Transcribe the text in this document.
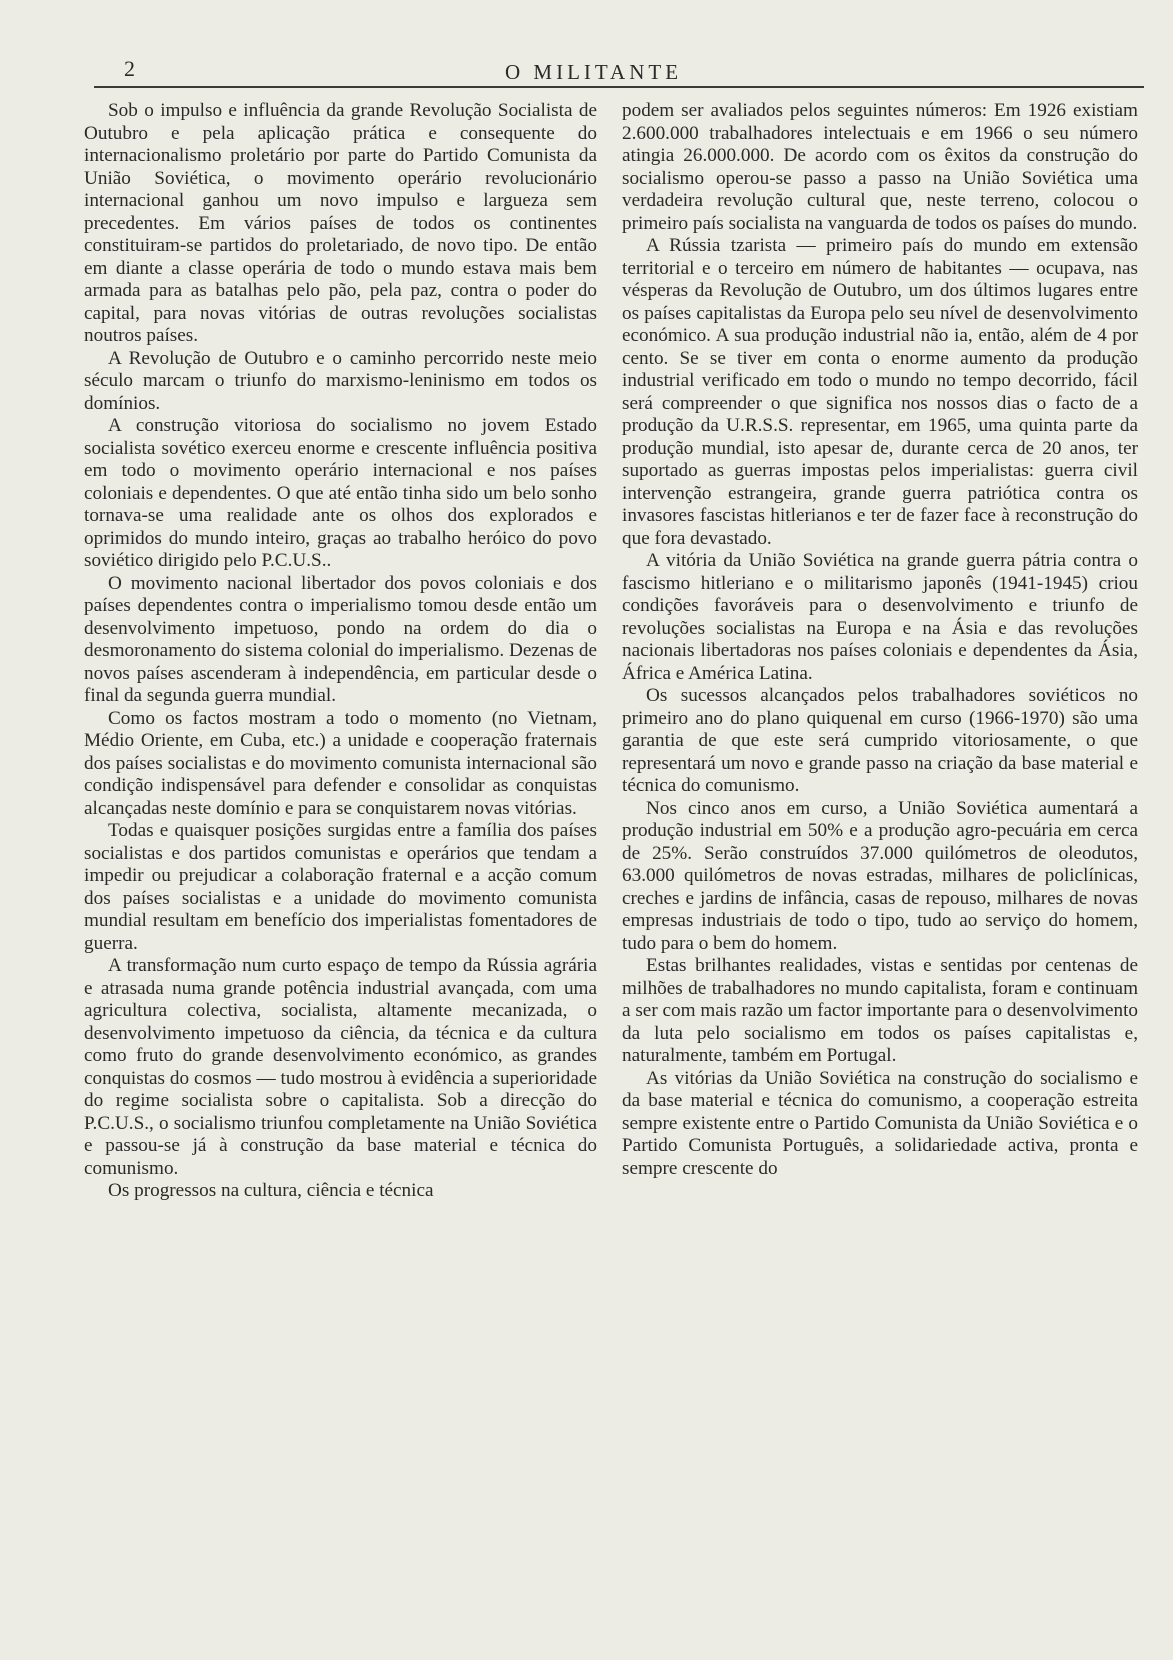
2	O MILITANTE

Sob o impulso e influência da grande Revolução Socialista de Outubro e pela aplicação prática e consequente do internacionalismo proletário por parte do Partido Comunista da União Soviética, o movimento operário revolucionário internacional ganhou um novo impulso e largueza sem precedentes. Em vários países de todos os continentes constituiram-se partidos do proletariado, de novo tipo. De então em diante a classe operária de todo o mundo estava mais bem armada para as batalhas pelo pão, pela paz, contra o poder do capital, para novas vitórias de outras revoluções socialistas noutros países.

A Revolução de Outubro e o caminho percorrido neste meio século marcam o triunfo do marxismo-leninismo em todos os domínios.

A construção vitoriosa do socialismo no jovem Estado socialista sovético exerceu enorme e crescente influência positiva em todo o movimento operário internacional e nos países coloniais e dependentes. O que até então tinha sido um belo sonho tornava-se uma realidade ante os olhos dos explorados e oprimidos do mundo inteiro, graças ao trabalho heróico do povo soviético dirigido pelo P.C.U.S..

O movimento nacional libertador dos povos coloniais e dos países dependentes contra o imperialismo tomou desde então um desenvolvimento impetuoso, pondo na ordem do dia o desmoronamento do sistema colonial do imperialismo. Dezenas de novos países ascenderam à independência, em particular desde o final da segunda guerra mundial.

Como os factos mostram a todo o momento (no Vietnam, Médio Oriente, em Cuba, etc.) a unidade e cooperação fraternais dos países socialistas e do movimento comunista internacional são condição indispensável para defender e consolidar as conquistas alcançadas neste domínio e para se conquistarem novas vitórias.

Todas e quaisquer posições surgidas entre a família dos países socialistas e dos partidos comunistas e operários que tendam a impedir ou prejudicar a colaboração fraternal e a acção comum dos países socialistas e a unidade do movimento comunista mundial resultam em benefício dos imperialistas fomentadores de guerra.

A transformação num curto espaço de tempo da Rússia agrária e atrasada numa grande potência industrial avançada, com uma agricultura colectiva, socialista, altamente mecanizada, o desenvolvimento impetuoso da ciência, da técnica e da cultura como fruto do grande desenvolvimento económico, as grandes conquistas do cosmos — tudo mostrou à evidência a superioridade do regime socialista sobre o capitalista. Sob a direcção do P.C.U.S., o socialismo triunfou completamente na União Soviética e passou-se já à construção da base material e técnica do comunismo.

Os progressos na cultura, ciência e técnica

podem ser avaliados pelos seguintes números: Em 1926 existiam 2.600.000 trabalhadores intelectuais e em 1966 o seu número atingia 26.000.000. De acordo com os êxitos da construção do socialismo operou-se passo a passo na União Soviética uma verdadeira revolução cultural que, neste terreno, colocou o primeiro país socialista na vanguarda de todos os países do mundo.

A Rússia tzarista — primeiro país do mundo em extensão territorial e o terceiro em número de habitantes — ocupava, nas vésperas da Revolução de Outubro, um dos últimos lugares entre os países capitalistas da Europa pelo seu nível de desenvolvimento económico. A sua produção industrial não ia, então, além de 4 por cento. Se se tiver em conta o enorme aumento da produção industrial verificado em todo o mundo no tempo decorrido, fácil será compreender o que significa nos nossos dias o facto de a produção da U.R.S.S. representar, em 1965, uma quinta parte da produção mundial, isto apesar de, durante cerca de 20 anos, ter suportado as guerras impostas pelos imperialistas: guerra civil intervenção estrangeira, grande guerra patriótica contra os invasores fascistas hitlerianos e ter de fazer face à reconstrução do que fora devastado.

A vitória da União Soviética na grande guerra pátria contra o fascismo hitleriano e o militarismo japonês (1941-1945) criou condições favoráveis para o desenvolvimento e triunfo de revoluções socialistas na Europa e na Ásia e das revoluções nacionais libertadoras nos países coloniais e dependentes da Ásia, África e América Latina.

Os sucessos alcançados pelos trabalhadores soviéticos no primeiro ano do plano quiquenal em curso (1966-1970) são uma garantia de que este será cumprido vitoriosamente, o que representará um novo e grande passo na criação da base material e técnica do comunismo.

Nos cinco anos em curso, a União Soviética aumentará a produção industrial em 50% e a produção agro-pecuária em cerca de 25%. Serão construídos 37.000 quilómetros de oleodutos, 63.000 quilómetros de novas estradas, milhares de policlínicas, creches e jardins de infância, casas de repouso, milhares de novas empresas industriais de todo o tipo, tudo ao serviço do homem, tudo para o bem do homem.

Estas brilhantes realidades, vistas e sentidas por centenas de milhões de trabalhadores no mundo capitalista, foram e continuam a ser com mais razão um factor importante para o desenvolvimento da luta pelo socialismo em todos os países capitalistas e, naturalmente, também em Portugal.

As vitórias da União Soviética na construção do socialismo e da base material e técnica do comunismo, a cooperação estreita sempre existente entre o Partido Comunista da União Soviética e o Partido Comunista Português, a solidariedade activa, pronta e sempre crescente do
